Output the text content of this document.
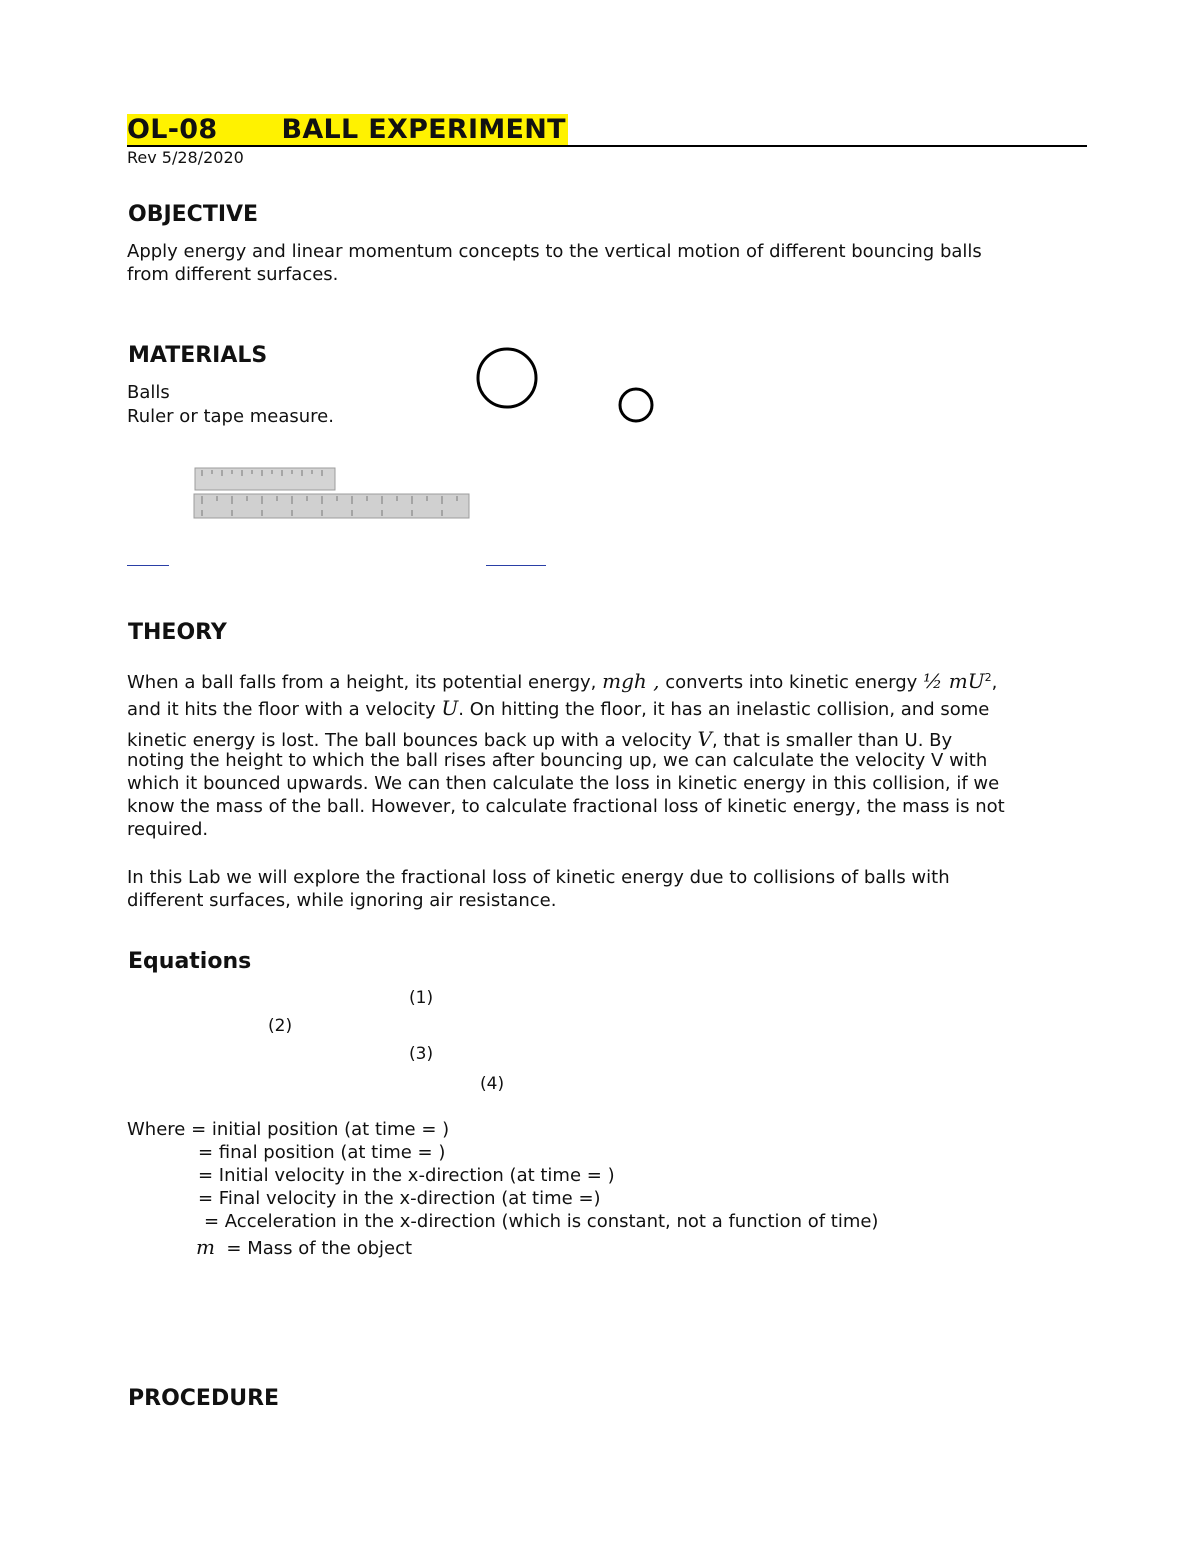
OL-08 BALL EXPERIMENT
Rev 5/28/2020
OBJECTIVE
Apply energy and linear momentum concepts to the vertical motion of different bouncing balls
from different surfaces.
MATERIALS
Balls
Ruler or tape measure.
THEORY
When a ball falls from a height, its potential energy, mgh , converts into kinetic energy ½ $mU^2$,
and it hits the floor with a velocity U. On hitting the floor, it has an inelastic collision, and some
kinetic energy is lost. The ball bounces back up with a velocity V, that is smaller than U. By
noting the height to which the ball rises after bouncing up, we can calculate the velocity V with
which it bounced upwards. We can then calculate the loss in kinetic energy in this collision, if we
know the mass of the ball. However, to calculate fractional loss of kinetic energy, the mass is not
required.
In this Lab we will explore the fractional loss of kinetic energy due to collisions of balls with
different surfaces, while ignoring air resistance.
Equations
(1)
(2)
(3)
(4)
Where = initial position (at time = )
= final position (at time = )
= Initial velocity in the x-direction (at time = )
= Final velocity in the x-direction (at time =)
= Acceleration in the x-direction (which is constant, not a function of time)
m = Mass of the object
PROCEDURE
